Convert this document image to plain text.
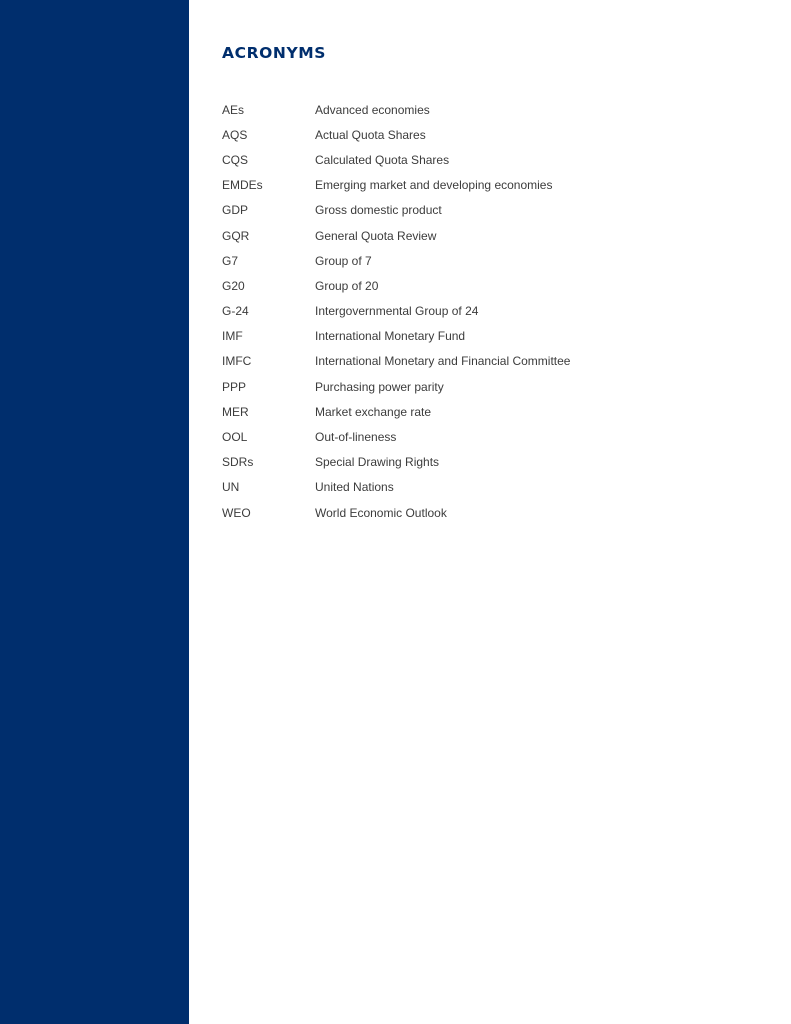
ACRONYMS
AEs	Advanced economies
AQS	Actual Quota Shares
CQS	Calculated Quota Shares
EMDEs	Emerging market and developing economies
GDP	Gross domestic product
GQR	General Quota Review
G7	Group of 7
G20	Group of 20
G-24	Intergovernmental Group of 24
IMF	International Monetary Fund
IMFC	International Monetary and Financial Committee
PPP	Purchasing power parity
MER	Market exchange rate
OOL	Out-of-lineness
SDRs	Special Drawing Rights
UN	United Nations
WEO	World Economic Outlook
